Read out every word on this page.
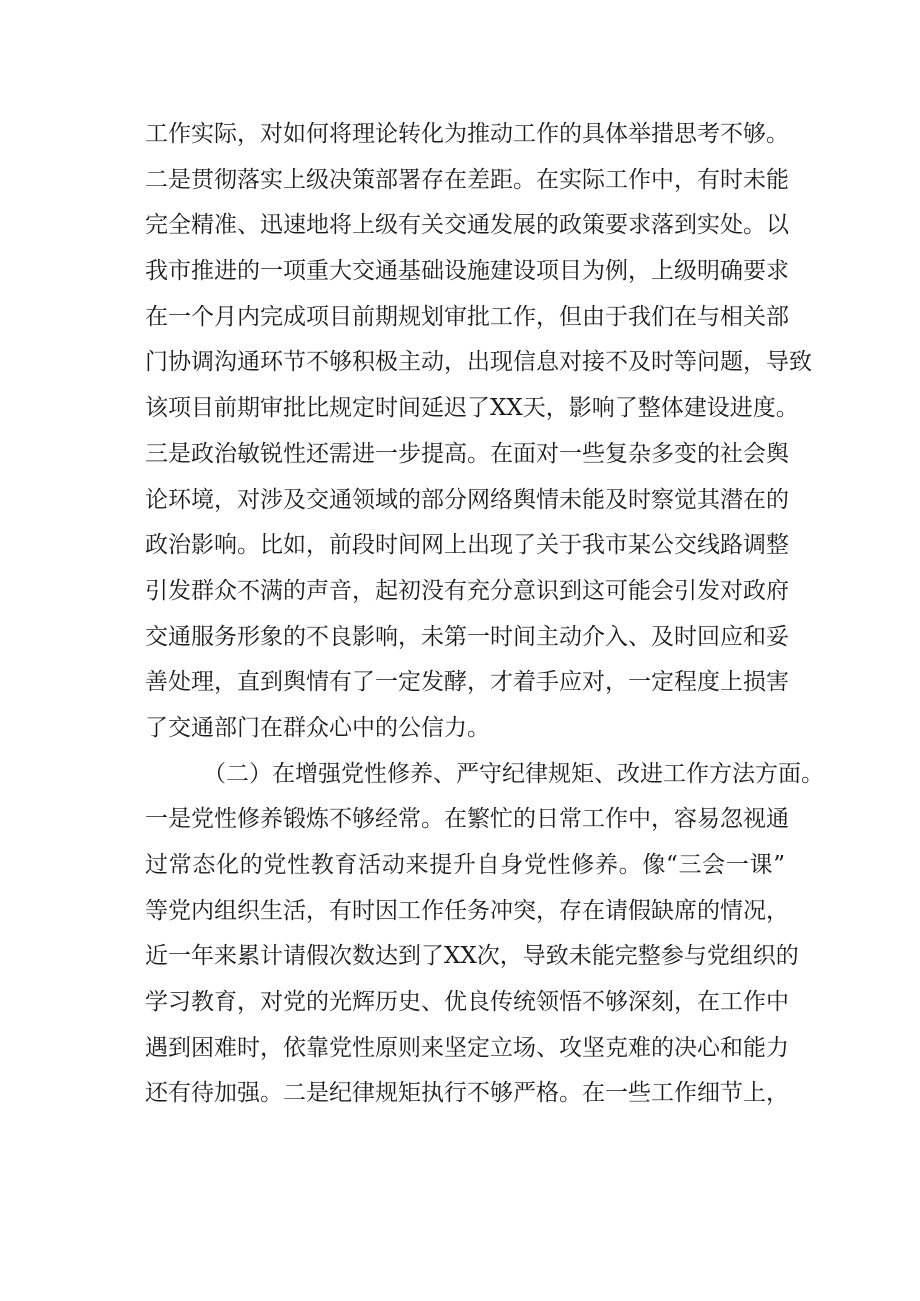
工作实际，对如何将理论转化为推动工作的具体举措思考不够。
二是贯彻落实上级决策部署存在差距。在实际工作中，有时未能
完全精准、迅速地将上级有关交通发展的政策要求落到实处。以
我市推进的一项重大交通基础设施建设项目为例，上级明确要求
在一个月内完成项目前期规划审批工作，但由于我们在与相关部
门协调沟通环节不够积极主动，出现信息对接不及时等问题，导致
该项目前期审批比规定时间延迟了XX天，影响了整体建设进度。
三是政治敏锐性还需进一步提高。在面对一些复杂多变的社会舆
论环境，对涉及交通领域的部分网络舆情未能及时察觉其潜在的
政治影响。比如，前段时间网上出现了关于我市某公交线路调整
引发群众不满的声音，起初没有充分意识到这可能会引发对政府
交通服务形象的不良影响，未第一时间主动介入、及时回应和妥
善处理，直到舆情有了一定发酵，才着手应对，一定程度上损害
了交通部门在群众心中的公信力。
（二）在增强党性修养、严守纪律规矩、改进工作方法方面。
一是党性修养锻炼不够经常。在繁忙的日常工作中，容易忽视通
过常态化的党性教育活动来提升自身党性修养。像“三会一课”
等党内组织生活，有时因工作任务冲突，存在请假缺席的情况，
近一年来累计请假次数达到了XX次，导致未能完整参与党组织的
学习教育，对党的光辉历史、优良传统领悟不够深刻，在工作中
遇到困难时，依靠党性原则来坚定立场、攻坚克难的决心和能力
还有待加强。二是纪律规矩执行不够严格。在一些工作细节上，
